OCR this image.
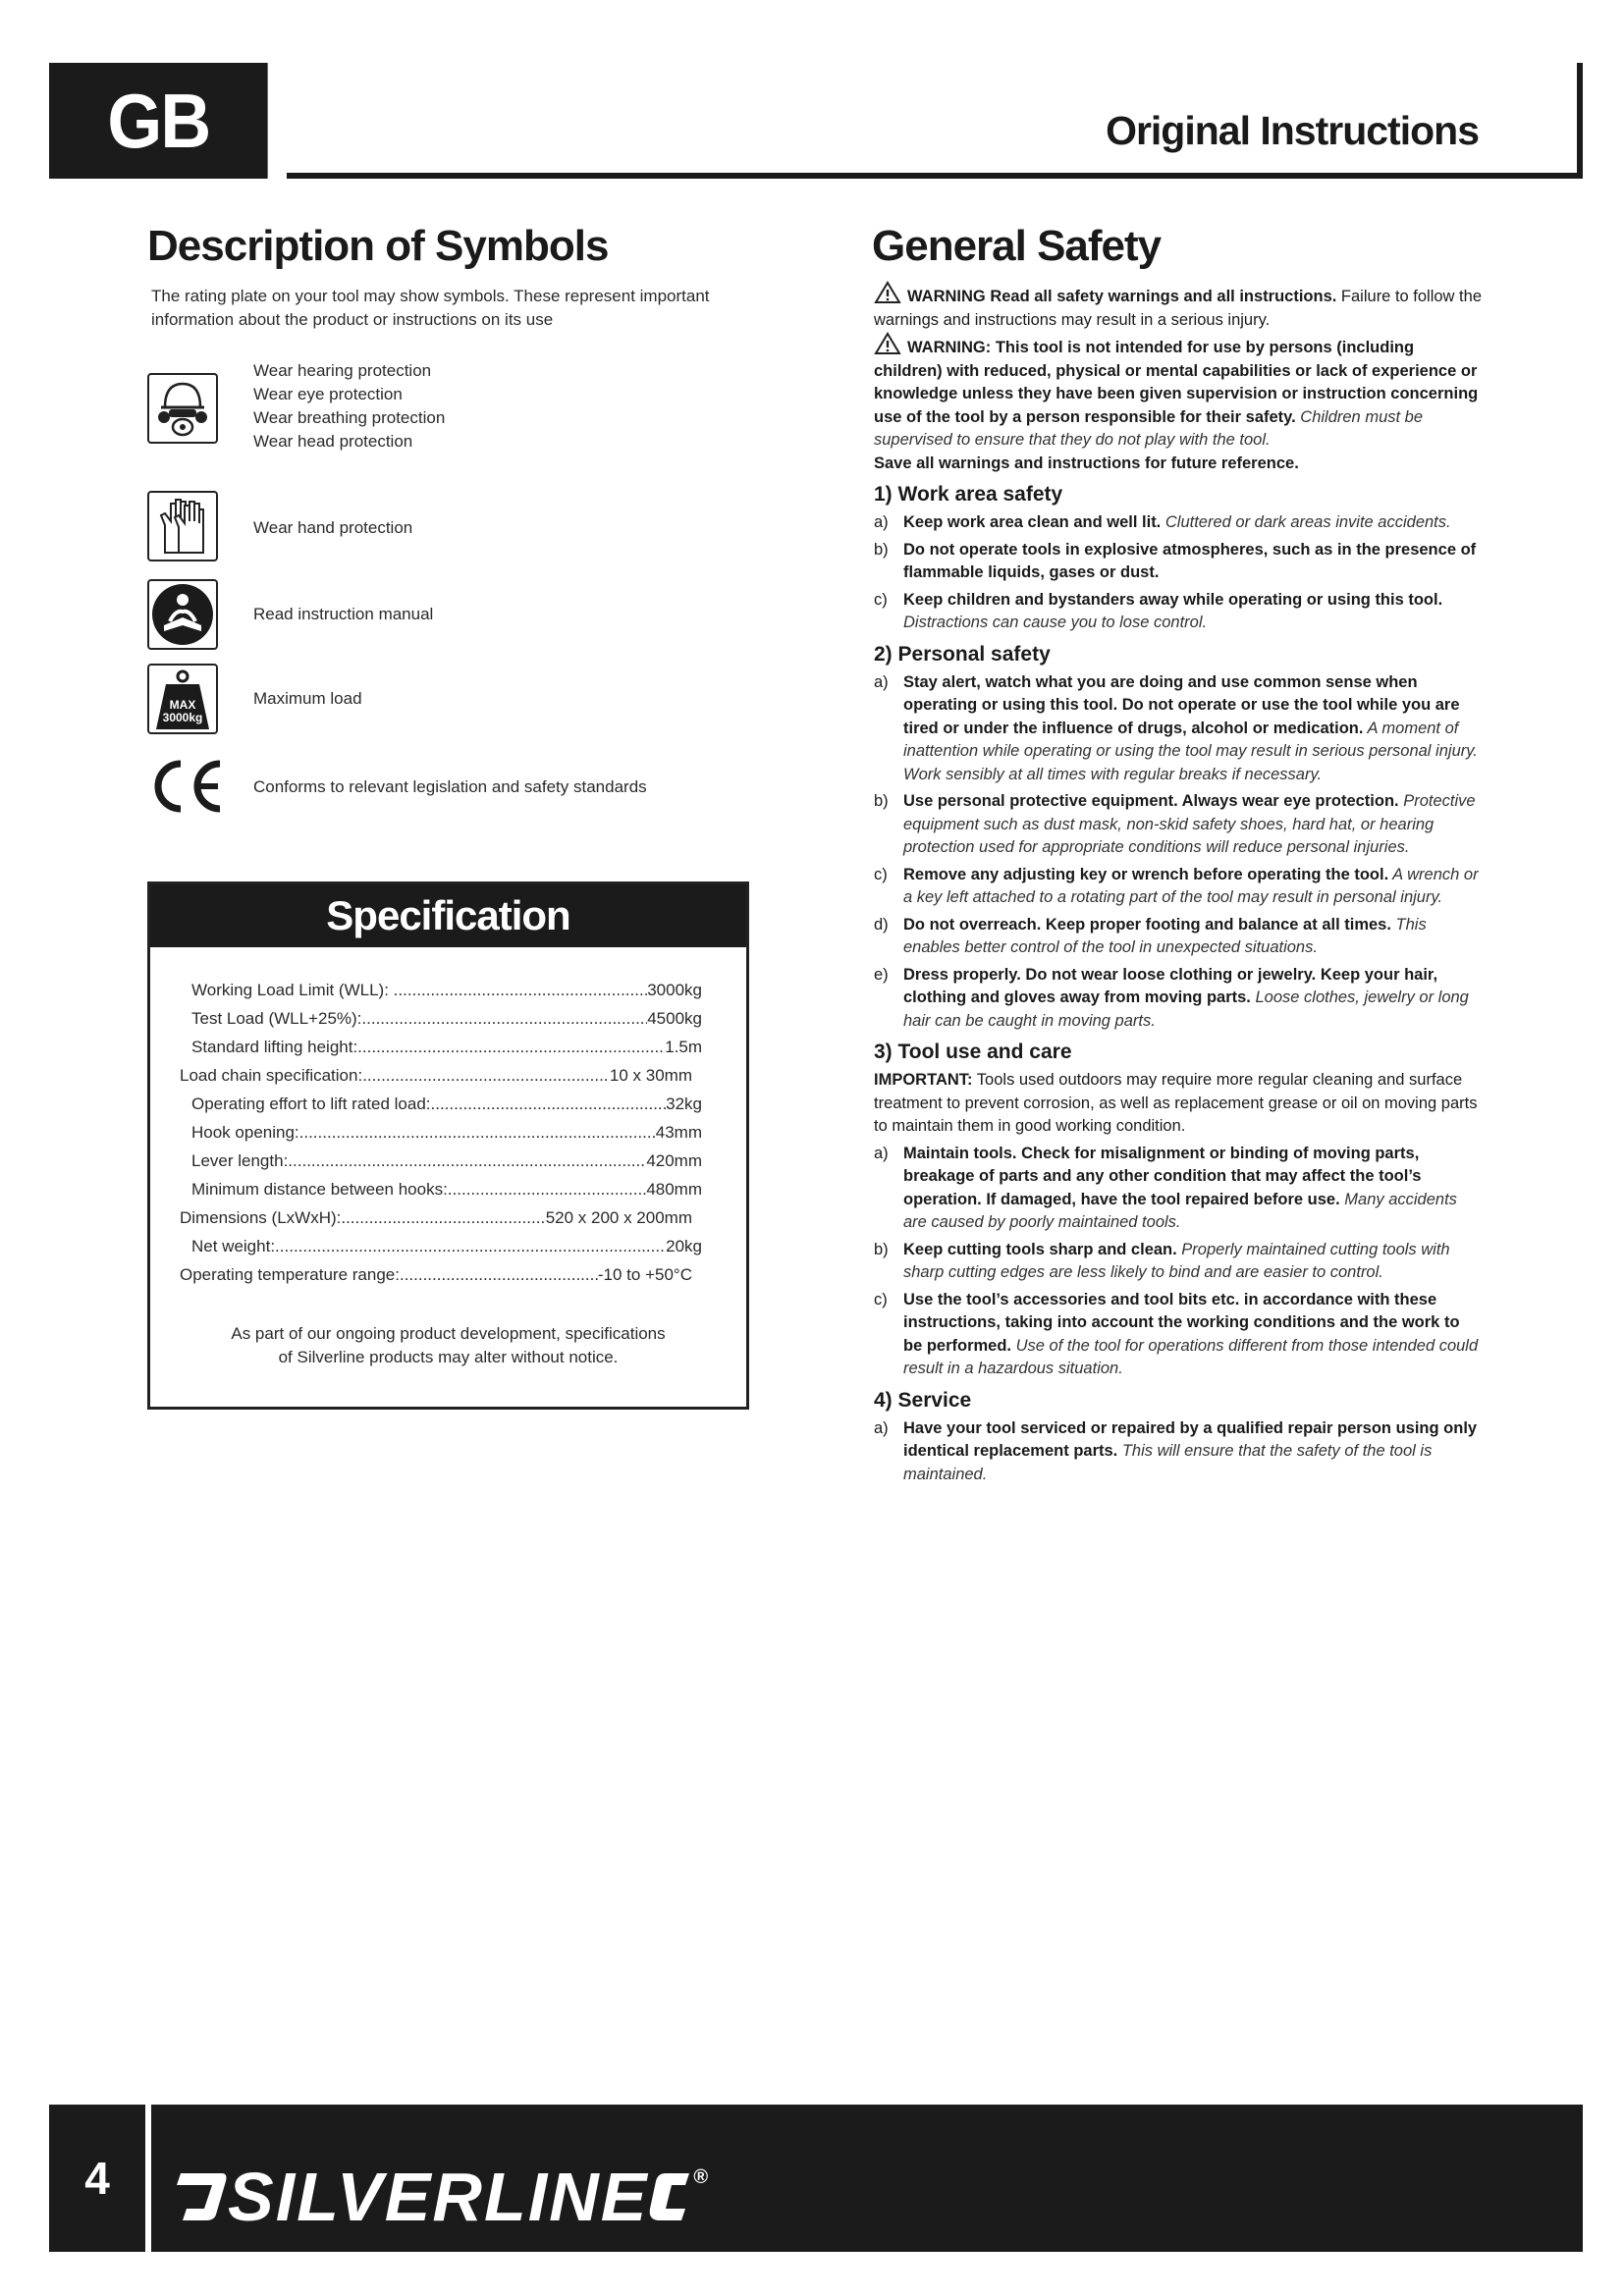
GB	Original Instructions
Description of Symbols
The rating plate on your tool may show symbols. These represent important
information about the product or instructions on its use
Wear hearing protection
Wear eye protection
Wear breathing protection
Wear head protection
Wear hand protection
Read instruction manual
MAX
3000kg
Maximum load
Conforms to relevant legislation and safety standards
Specification
Working Load Limit (WLL): . .....	3000kg
Test Load (WLL+25%): .....	4500kg
Standard lifting height: .....	1.5m
Load chain specification: .....	10 x 30mm
Operating effort to lift rated load: .....	32kg
Hook opening: .....	43mm
Lever length: .....	420mm
Minimum distance between hooks: .....	480mm
Dimensions (LxWxH): .....	520 x 200 x 200mm
Net weight: .....	20kg
Operating temperature range: .....	-10 to +50°C
As part of our ongoing product development, specifications
of Silverline products may alter without notice.
General Safety

WARNING Read all safety warnings and all instructions. Failure to follow the warnings and instructions may result in a serious injury.

WARNING: This tool is not intended for use by persons (including children) with reduced, physical or mental capabilities or lack of experience or knowledge unless they have been given supervision or instruction concerning use of the tool by a person responsible for their safety. Children must be supervised to ensure that they do not play with the tool.

Save all warnings and instructions for future reference.

1) Work area safety
a) Keep work area clean and well lit. Cluttered or dark areas invite accidents.
b) Do not operate tools in explosive atmospheres, such as in the presence of flammable liquids, gases or dust.
c) Keep children and bystanders away while operating or using this tool. Distractions can cause you to lose control.
2) Personal safety
a) Stay alert, watch what you are doing and use common sense when operating or using this tool. Do not operate or use the tool while you are tired or under the influence of drugs, alcohol or medication. A moment of inattention while operating or using the tool may result in serious personal injury. Work sensibly at all times with regular breaks if necessary.
b) Use personal protective equipment. Always wear eye protection. Protective equipment such as dust mask, non-skid safety shoes, hard hat, or hearing protection used for appropriate conditions will reduce personal injuries.
c) Remove any adjusting key or wrench before operating the tool. A wrench or a key left attached to a rotating part of the tool may result in personal injury.
d) Do not overreach. Keep proper footing and balance at all times. This enables better control of the tool in unexpected situations.
e) Dress properly. Do not wear loose clothing or jewelry. Keep your hair, clothing and gloves away from moving parts. Loose clothes, jewelry or long hair can be caught in moving parts.
3) Tool use and care

IMPORTANT: Tools used outdoors may require more regular cleaning and surface treatment to prevent corrosion, as well as replacement grease or oil on moving parts to maintain them in good working condition.

a) Maintain tools. Check for misalignment or binding of moving parts, breakage of parts and any other condition that may affect the tool’s operation. If damaged, have the tool repaired before use. Many accidents are caused by poorly maintained tools.
b) Keep cutting tools sharp and clean. Properly maintained cutting tools with sharp cutting edges are less likely to bind and are easier to control.
c) Use the tool’s accessories and tool bits etc. in accordance with these instructions, taking into account the working conditions and the work to be performed. Use of the tool for operations different from those intended could result in a hazardous situation.
4) Service
a) Have your tool serviced or repaired by a qualified repair person using only identical replacement parts. This will ensure that the safety of the tool is maintained.
4	SILVERLINE ®
